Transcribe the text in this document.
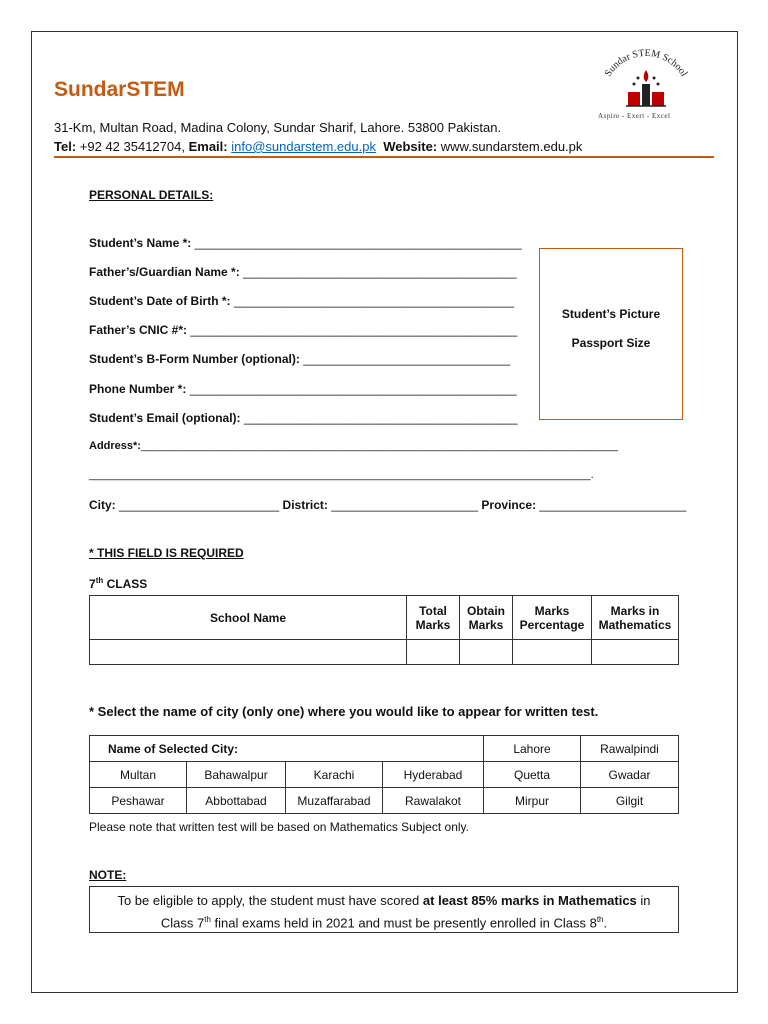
SundarSTEM
31-Km, Multan Road, Madina Colony, Sundar Sharif, Lahore. 53800 Pakistan.
Tel: +92 42 35412704, Email: info@sundarstem.edu.pk Website: www.sundarstem.edu.pk
Sundar STEM School
Aspire - Exert - Excel
PERSONAL DETAILS:
Student’s Name *: _________________________________________________
Father’s/Guardian Name *: _________________________________________
Student’s Date of Birth *: __________________________________________
Father’s CNIC #*: _________________________________________________
Student’s B-Form Number (optional): _______________________________
Phone Number *: _________________________________________________
Student’s Email (optional): _________________________________________
Student’s Picture
Passport Size
Address*:______________________________________________________________________________
__________________________________________________________________________________.
City: ________________________ District: ______________________ Province: ______________________
* THIS FIELD IS REQUIRED
7th CLASS
School Name	Total Marks	Obtain Marks	Marks Percentage	Marks in Mathematics

* Select the name of city (only one) where you would like to appear for written test.
Name of Selected City:				Lahore	Rawalpindi
Multan	Bahawalpur	Karachi	Hyderabad	Quetta	Gwadar
Peshawar	Abbottabad	Muzaffarabad	Rawalakot	Mirpur	Gilgit
Please note that written test will be based on Mathematics Subject only.
NOTE:
To be eligible to apply, the student must have scored at least 85% marks in Mathematics in
Class 7th final exams held in 2021 and must be presently enrolled in Class 8th.
